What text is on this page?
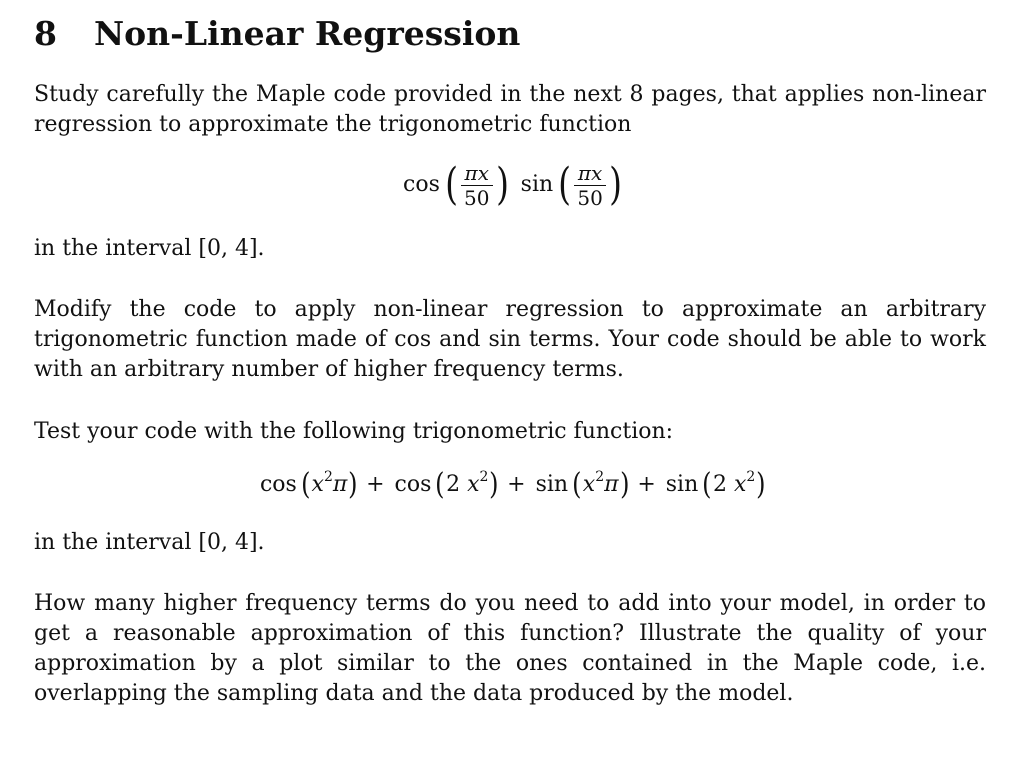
8 Non-Linear Regression
Study carefully the Maple code provided in the next 8 pages, that applies non-linear regression to approximate the trigonometric function
cos ( $\frac{\pi x}{50}$ ) sin ( $\frac{\pi x}{50}$ )
in the interval [0, 4].
Modify the code to apply non-linear regression to approximate an arbitrary trigonometric function made of cos and sin terms. Your code should be able to work with an arbitrary number of higher frequency terms.
Test your code with the following trigonometric function:
$\cos (x^2\pi) + \cos (2$ $x^2) + \sin (x^2\pi) + \sin (2$ $x^2$)
in the interval [0, 4].
How many higher frequency terms do you need to add into your model, in order to get a reasonable approximation of this function? Illustrate the quality of your approximation by a plot similar to the ones contained in the Maple code, i.e. overlapping the sampling data and the data produced by the model.
